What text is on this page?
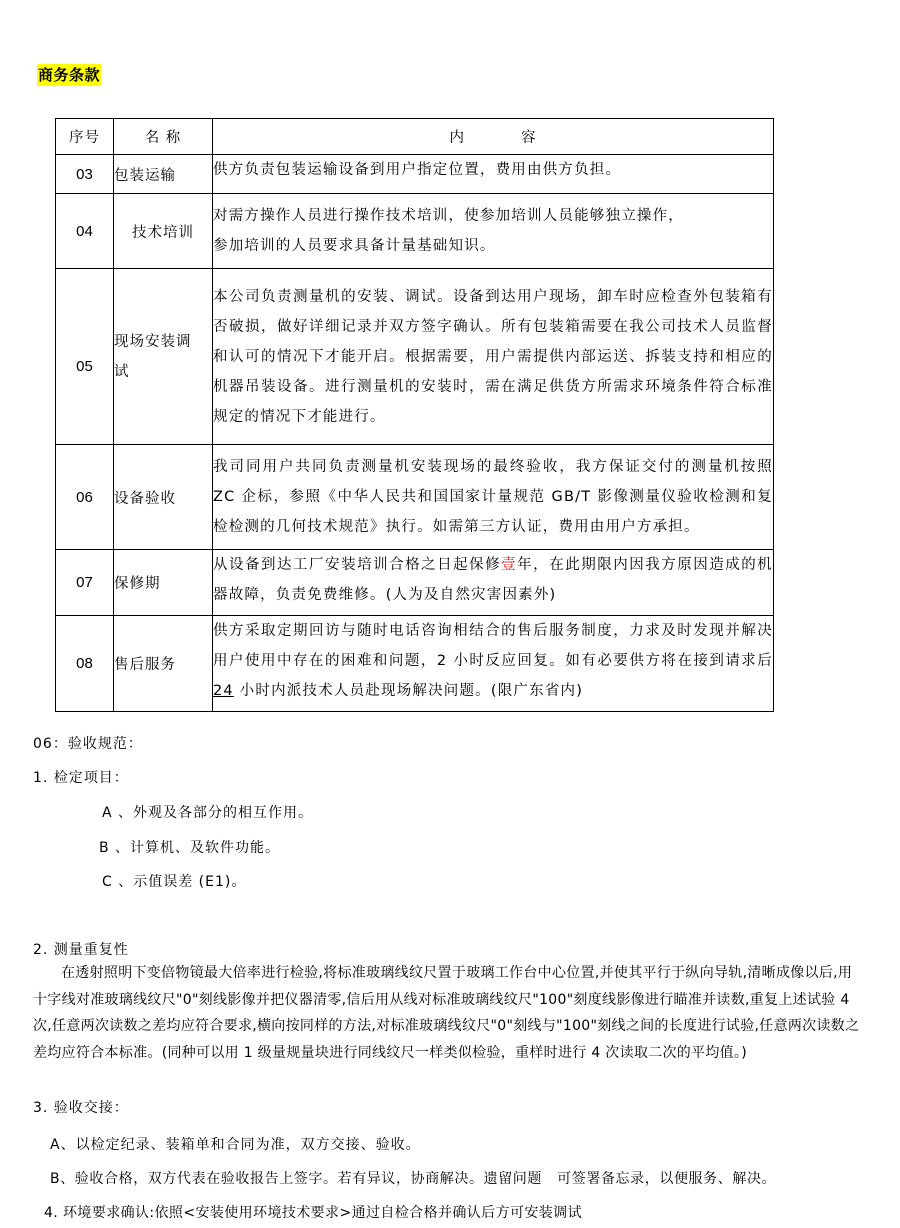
商务条款
序号	名 称	内          容
03	包装运输	供方负责包装运输设备到用户指定位置，费用由供方负担。
04	技术培训	对需方操作人员进行操作技术培训，使参加培训人员能够独立操作，
参加培训的人员要求具备计量基础知识。

05	现场安装调试	本公司负责测量机的安装、调试。设备到达用户现场，卸车时应检查外包装箱有否破损，做好详细记录并双方签字确认。所有包装箱需要在我公司技术人员监督和认可的情况下才能开启。根据需要，用户需提供内部运送、拆装支持和相应的机器吊装设备。进行测量机的安装时，需在满足供货方所需求环境条件符合标准规定的情况下才能进行。
06	设备验收	我司同用户共同负责测量机安装现场的最终验收，我方保证交付的测量机按照 ZC 企标，参照《中华人民共和国国家计量规范 GB/T 影像测量仪验收检测和复检检测的几何技术规范》执行。如需第三方认证，费用由用户方承担。
07	保修期	从设备到达工厂安装培训合格之日起保修壹年，在此期限内因我方原因造成的机器故障，负责免费维修。(人为及自然灾害因素外)
08	售后服务	供方采取定期回访与随时电话咨询相结合的售后服务制度，力求及时发现并解决用户使用中存在的困难和问题，2 小时反应回复。如有必要供方将在接到请求后 24 小时内派技术人员赴现场解决问题。(限广东省内)
06：验收规范：
1. 检定项目：
A 、外观及各部分的相互作用。
B 、计算机、及软件功能。
C 、示值误差 (E1)。
2. 测量重复性
在透射照明下变倍物镜最大倍率进行检验,将标准玻璃线纹尺置于玻璃工作台中心位置,并使其平行于纵向导轨,清晰成像以后,用十字线对准玻璃线纹尺"0"刻线影像并把仪器清零,信后用从线对标准玻璃线纹尺"100"刻度线影像进行瞄准并读数,重复上述试验 4 次,任意两次读数之差均应符合要求,横向按同样的方法,对标准玻璃线纹尺"0"刻线与"100"刻线之间的长度进行试验,任意两次读数之差均应符合本标准。(同种可以用 1 级量规量块进行同线纹尺一样类似检验，重样时进行 4 次读取二次的平均值。)
3. 验收交接：
A、以检定纪录、装箱单和合同为准，双方交接、验收。
B、验收合格，双方代表在验收报告上签字。若有异议，协商解决。遗留问题   可签署备忘录，以便服务、解决。
4. 环境要求确认:依照<安装使用环境技术要求>通过自检合格并确认后方可安装调试
